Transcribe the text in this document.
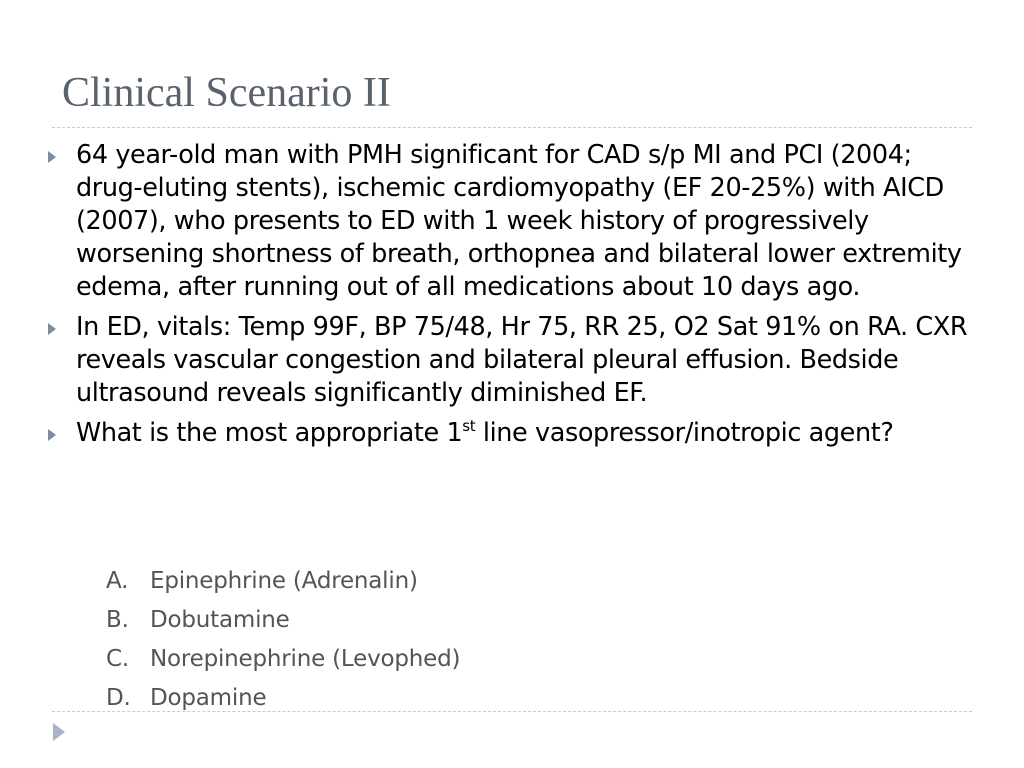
Clinical Scenario II
64 year-old man with PMH significant for CAD s/p MI and PCI (2004; drug-eluting stents), ischemic cardiomyopathy (EF 20-25%) with AICD (2007), who presents to ED with 1 week history of progressively worsening shortness of breath, orthopnea and bilateral lower extremity edema, after running out of all medications about 10 days ago.
In ED, vitals: Temp 99F, BP 75/48, Hr 75, RR 25, O2 Sat 91% on RA. CXR reveals vascular congestion and bilateral pleural effusion. Bedside ultrasound reveals significantly diminished EF.
What is the most appropriate 1st line vasopressor/inotropic agent?
A. Epinephrine (Adrenalin)
B. Dobutamine
C. Norepinephrine (Levophed)
D. Dopamine
